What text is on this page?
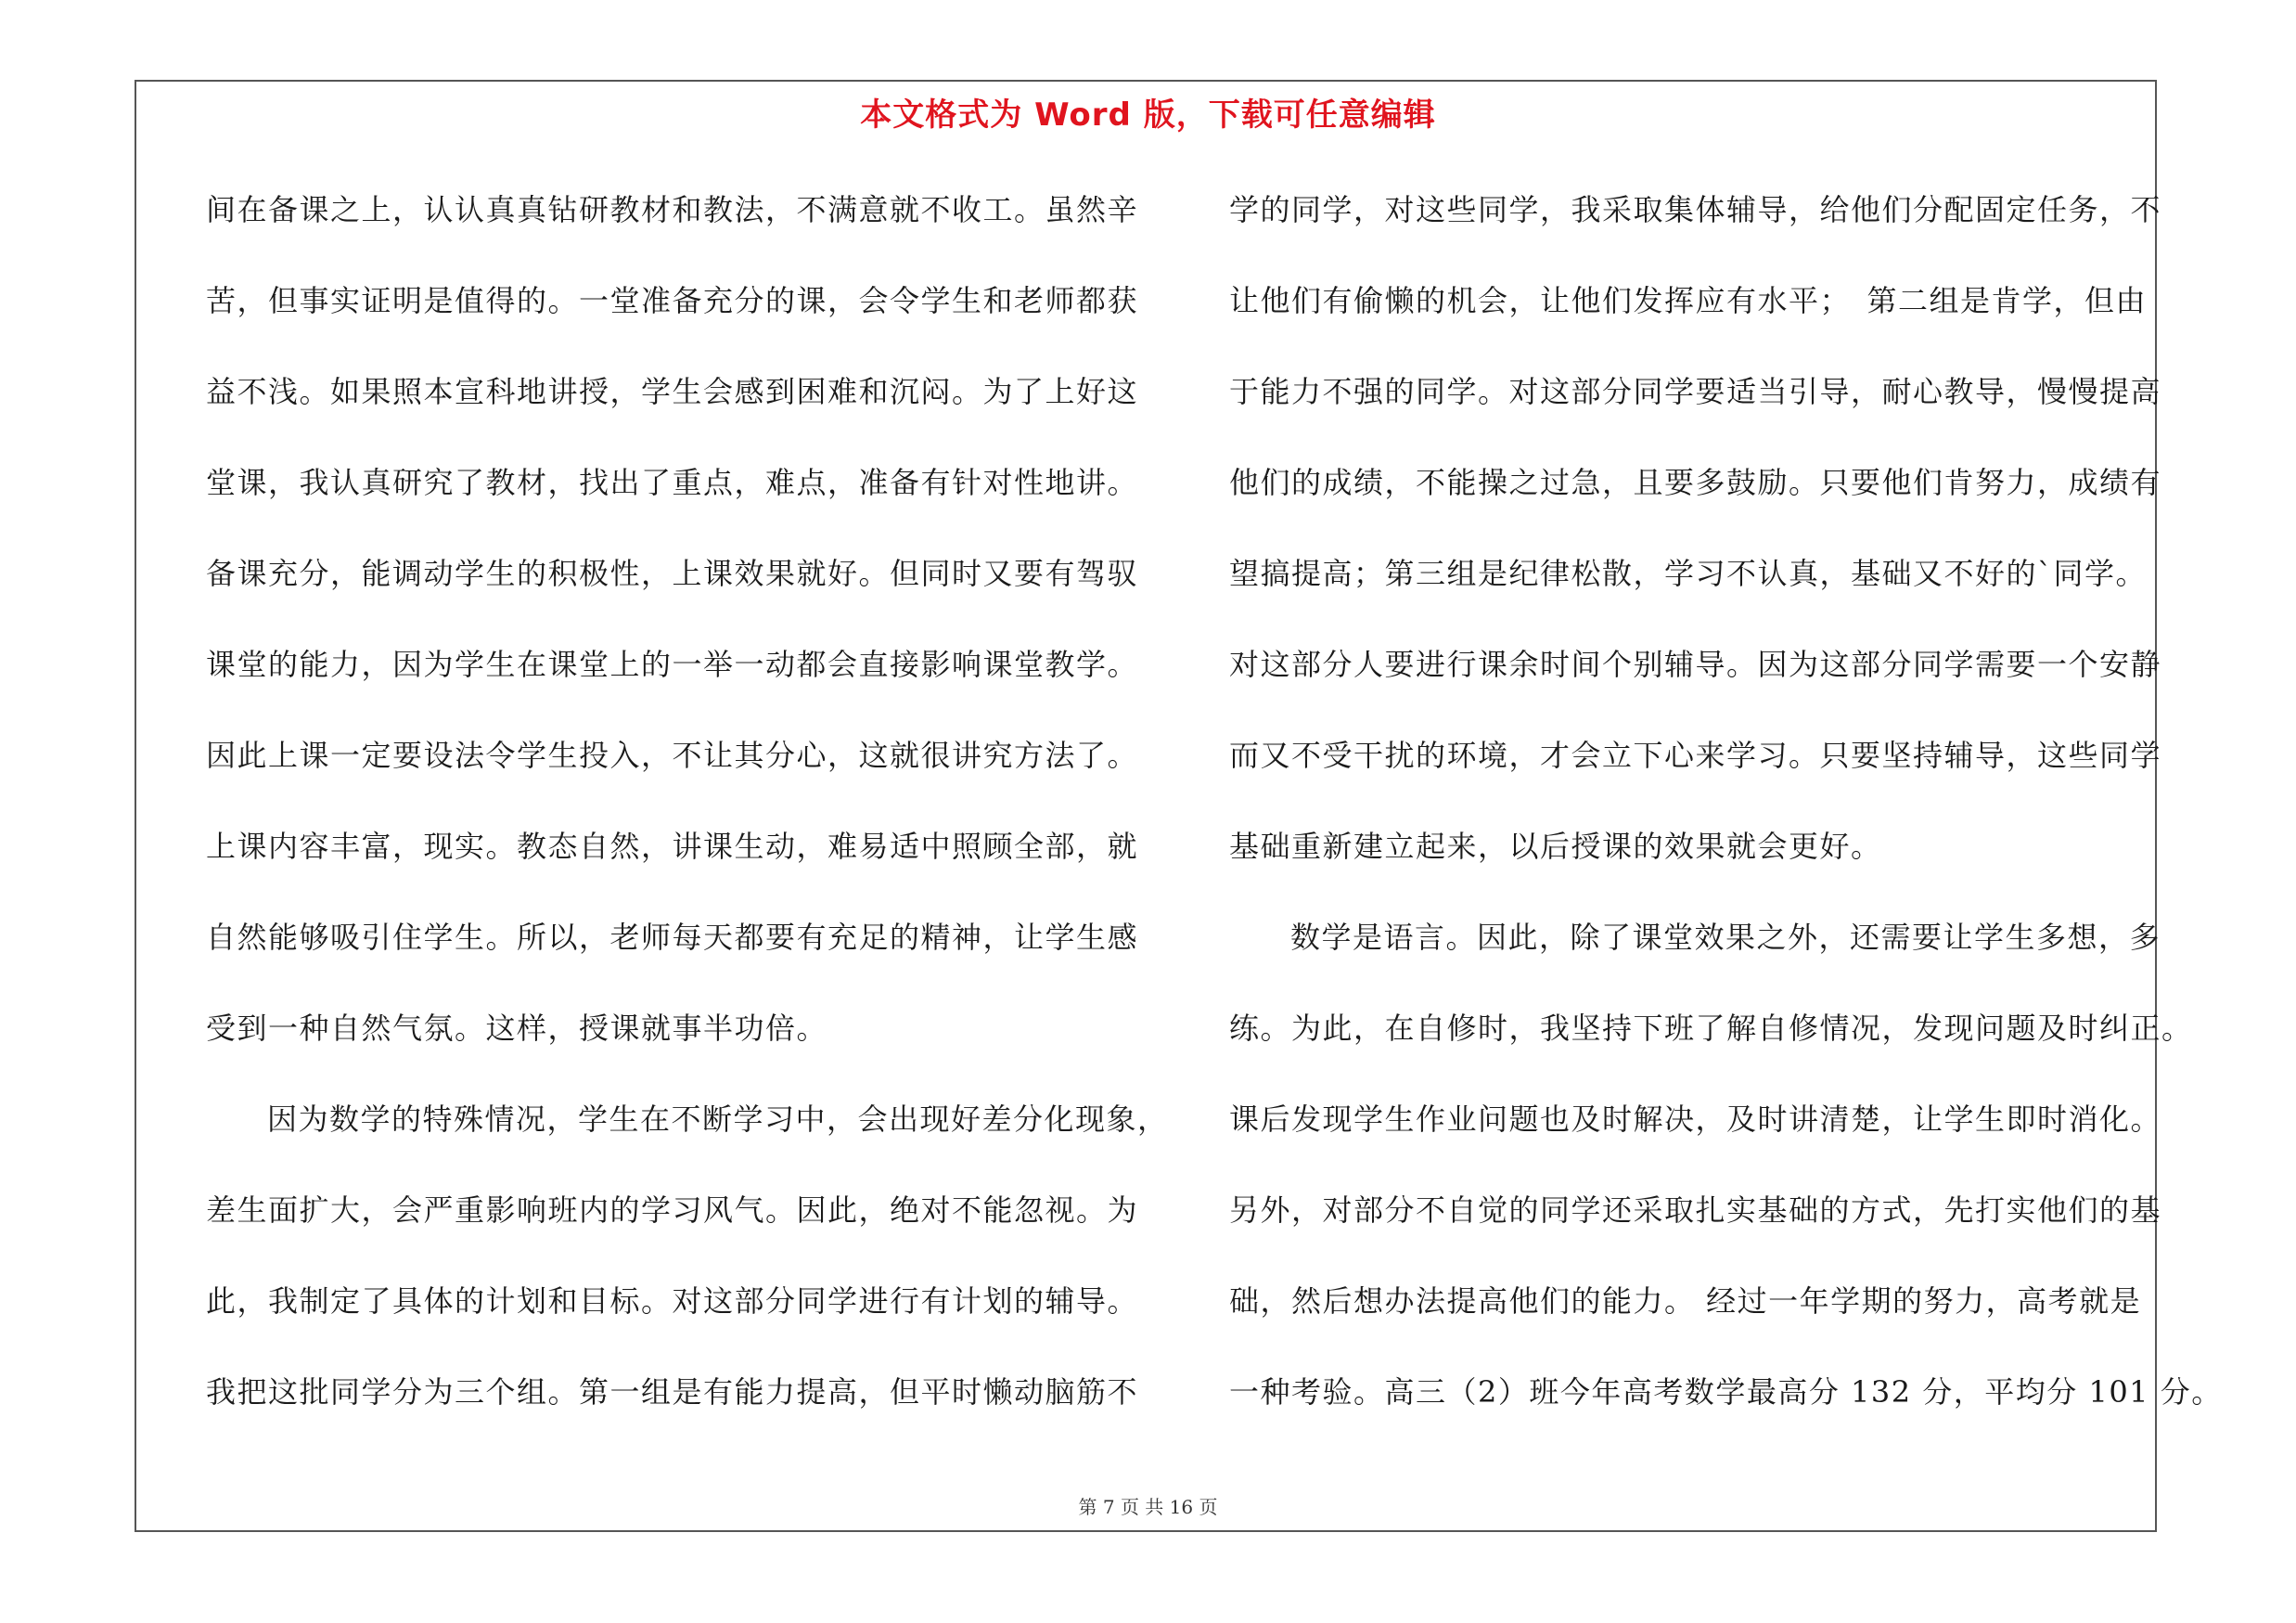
本文格式为 Word 版，下载可任意编辑
间在备课之上，认认真真钻研教材和教法，不满意就不收工。虽然辛
苦，但事实证明是值得的。一堂准备充分的课，会令学生和老师都获
益不浅。如果照本宣科地讲授，学生会感到困难和沉闷。为了上好这
堂课，我认真研究了教材，找出了重点，难点，准备有针对性地讲。
备课充分，能调动学生的积极性，上课效果就好。但同时又要有驾驭
课堂的能力，因为学生在课堂上的一举一动都会直接影响课堂教学。
因此上课一定要设法令学生投入，不让其分心，这就很讲究方法了。
上课内容丰富，现实。教态自然，讲课生动，难易适中照顾全部，就
自然能够吸引住学生。所以，老师每天都要有充足的精神，让学生感
受到一种自然气氛。这样，授课就事半功倍。
因为数学的特殊情况，学生在不断学习中，会出现好差分化现象，
差生面扩大，会严重影响班内的学习风气。因此，绝对不能忽视。为
此，我制定了具体的计划和目标。对这部分同学进行有计划的辅导。
我把这批同学分为三个组。第一组是有能力提高，但平时懒动脑筋不
学的同学，对这些同学，我采取集体辅导，给他们分配固定任务，不
让他们有偷懒的机会，让他们发挥应有水平；　第二组是肯学，但由
于能力不强的同学。对这部分同学要适当引导，耐心教导，慢慢提高
他们的成绩，不能操之过急，且要多鼓励。只要他们肯努力，成绩有
望搞提高；第三组是纪律松散，学习不认真，基础又不好的`同学。
对这部分人要进行课余时间个别辅导。因为这部分同学需要一个安静
而又不受干扰的环境，才会立下心来学习。只要坚持辅导，这些同学
基础重新建立起来，以后授课的效果就会更好。
数学是语言。因此，除了课堂效果之外，还需要让学生多想，多
练。为此，在自修时，我坚持下班了解自修情况，发现问题及时纠正。
课后发现学生作业问题也及时解决，及时讲清楚，让学生即时消化。
另外，对部分不自觉的同学还采取扎实基础的方式，先打实他们的基
础，然后想办法提高他们的能力。 经过一年学期的努力，高考就是
一种考验。高三（2）班今年高考数学最高分 132 分，平均分 101 分。
第 7 页 共 16 页
